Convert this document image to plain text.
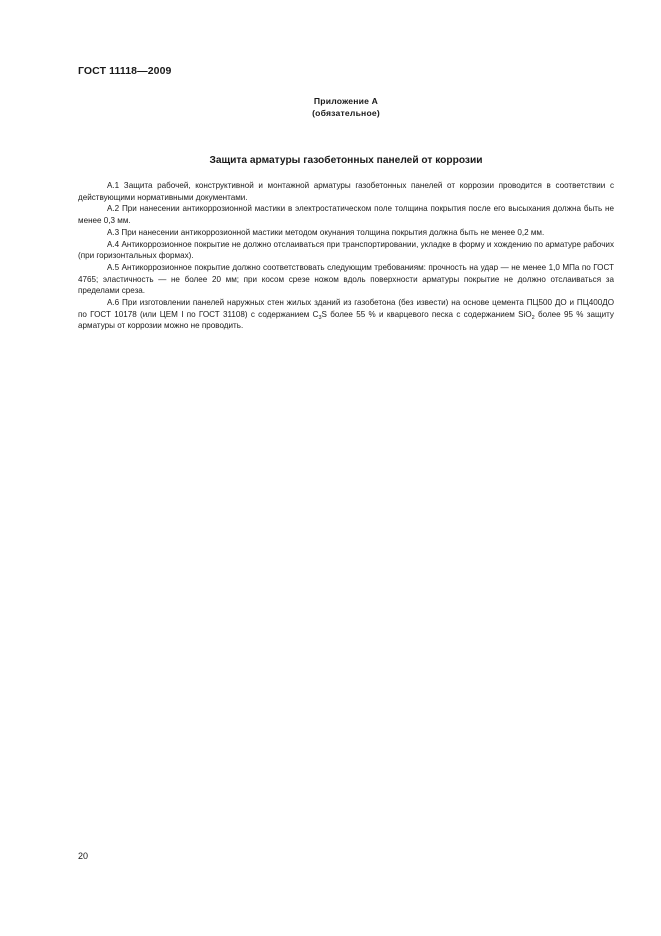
ГОСТ 11118—2009
Приложение А
(обязательное)
Защита арматуры газобетонных панелей от коррозии

А.1 Защита рабочей, конструктивной и монтажной арматуры газобетонных панелей от коррозии проводится в соответствии с действующими нормативными документами.

А.2 При нанесении антикоррозионной мастики в электростатическом поле толщина покрытия после его высыхания должна быть не менее 0,3 мм.

А.3 При нанесении антикоррозионной мастики методом окунания толщина покрытия должна быть не менее 0,2 мм.

А.4 Антикоррозионное покрытие не должно отслаиваться при транспортировании, укладке в форму и хождению по арматуре рабочих (при горизонтальных формах).

А.5 Антикоррозионное покрытие должно соответствовать следующим требованиям: прочность на удар — не менее 1,0 МПа по ГОСТ 4765; эластичность — не более 20 мм; при косом срезе ножом вдоль поверхности арматуры покрытие не должно отслаиваться за пределами среза.

А.6 При изготовлении панелей наружных стен жилых зданий из газобетона (без извести) на основе цемента ПЦ500 ДО и ПЦ400ДО по ГОСТ 10178 (или ЦЕМ I по ГОСТ 31108) с содержанием $C_3S$ более 55 % и кварцевого песка с содержанием SiO$_2$ более 95 % защиту арматуры от коррозии можно не проводить.

20
